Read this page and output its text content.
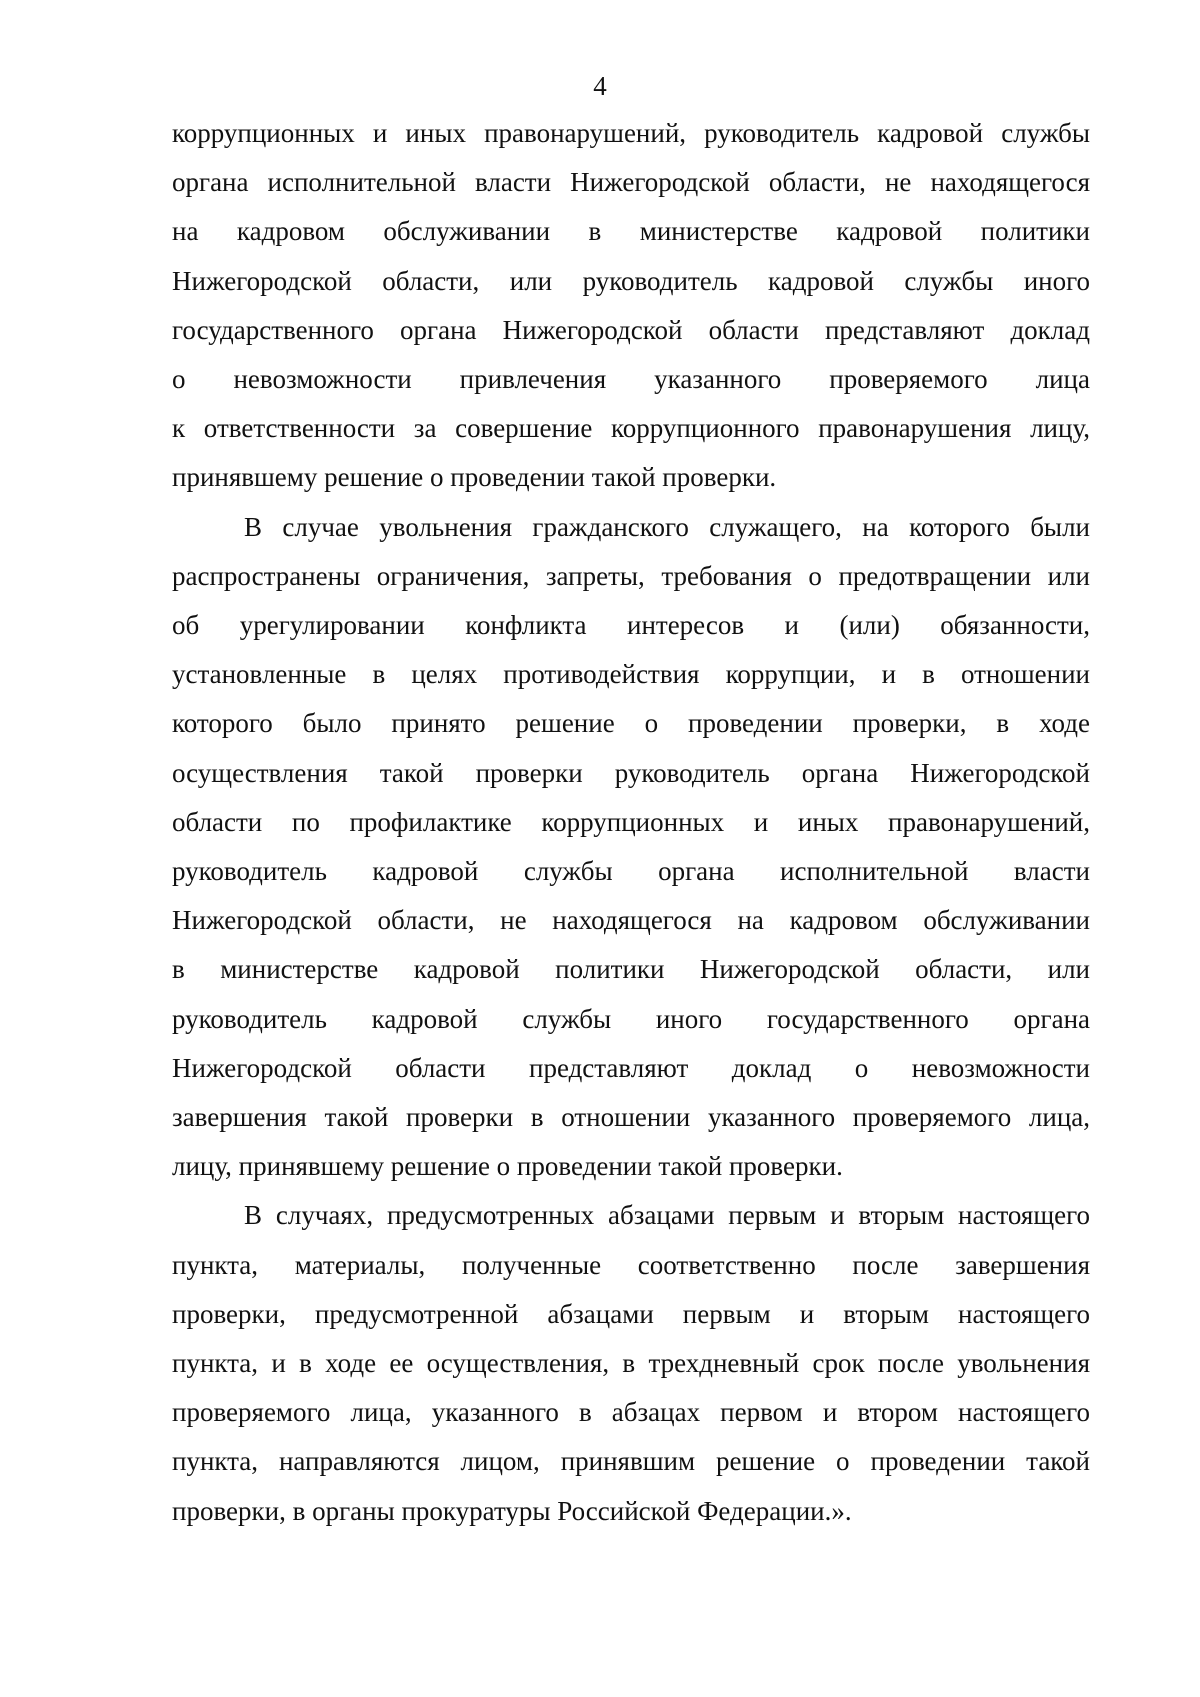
4

коррупционных и иных правонарушений, руководитель кадровой службы
органа исполнительной власти Нижегородской области, не находящегося
на кадровом обслуживании в министерстве кадровой политики
Нижегородской области, или руководитель кадровой службы иного
государственного органа Нижегородской области представляют доклад
о невозможности привлечения указанного проверяемого лица
к ответственности за совершение коррупционного правонарушения лицу,
принявшему решение о проведении такой проверки.

В случае увольнения гражданского служащего, на которого были
распространены ограничения, запреты, требования о предотвращении или
об урегулировании конфликта интересов и (или) обязанности,
установленные в целях противодействия коррупции, и в отношении
которого было принято решение о проведении проверки, в ходе
осуществления такой проверки руководитель органа Нижегородской
области по профилактике коррупционных и иных правонарушений,
руководитель кадровой службы органа исполнительной власти
Нижегородской области, не находящегося на кадровом обслуживании
в министерстве кадровой политики Нижегородской области, или
руководитель кадровой службы иного государственного органа
Нижегородской области представляют доклад о невозможности
завершения такой проверки в отношении указанного проверяемого лица,
лицу, принявшему решение о проведении такой проверки.

В случаях, предусмотренных абзацами первым и вторым настоящего
пункта, материалы, полученные соответственно после завершения
проверки, предусмотренной абзацами первым и вторым настоящего
пункта, и в ходе ее осуществления, в трехдневный срок после увольнения
проверяемого лица, указанного в абзацах первом и втором настоящего
пункта, направляются лицом, принявшим решение о проведении такой
проверки, в органы прокуратуры Российской Федерации.».
